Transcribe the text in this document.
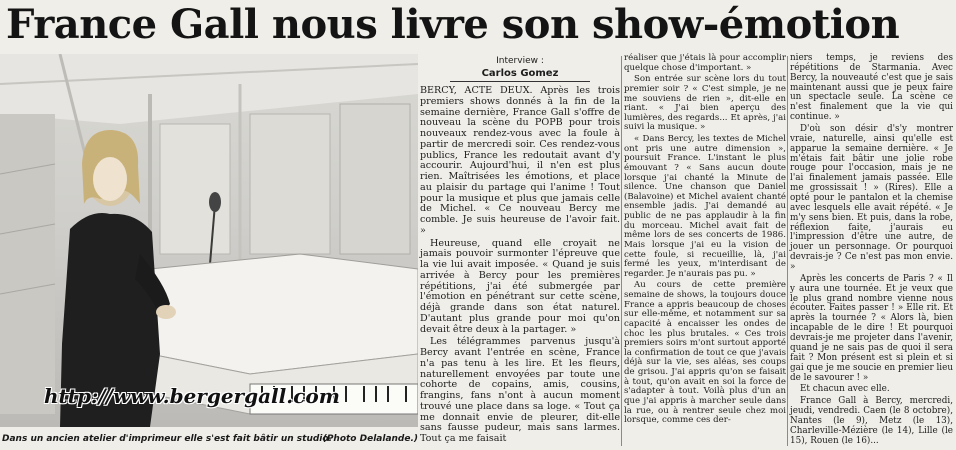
France Gall nous livre son show-émotion
http://www.bergergall.com
Dans un ancien atelier d'imprimeur elle s'est fait bâtir un studio.
(Photo Delalande.)
Interview :
Carlos Gomez

BERCY, ACTE DEUX. Après les trois premiers shows donnés à la fin de la semaine dernière, France Gall s'offre de nouveau la scène du POPB pour trois nouveaux rendez-vous avec la foule à partir de mercredi soir. Ces rendez-vous publics, France les redoutait avant d'y accourir. Aujourd'hui, il n'en est plus rien. Maîtrisées les émotions, et place au plaisir du partage qui l'anime ! Tout pour la musique et plus que jamais celle de Michel. « Ce nouveau Bercy me comble. Je suis heureuse de l'avoir fait. »

Heureuse, quand elle croyait ne jamais pouvoir surmonter l'épreuve que la vie lui avait imposée. « Quand je suis arrivée à Bercy pour les premières répétitions, j'ai été submergée par l'émotion en pénétrant sur cette scène, déjà grande dans son état naturel. D'autant plus grande pour moi qu'on devait être deux à la partager. »

Les télégrammes parvenus jusqu'à Bercy avant l'entrée en scène, France n'a pas tenu à les lire. Et les fleurs, naturellement envoyées par toute une cohorte de copains, amis, cousins, frangins, fans n'ont à aucun moment trouvé une place dans sa loge. « Tout ça me donnait envie de pleurer, dit-elle sans fausse pudeur, mais sans larmes. Tout ça me faisait

réaliser que j'étais là pour accomplir quelque chose d'important. »

Son entrée sur scène lors du tout premier soir ? « C'est simple, je ne me souviens de rien », dit-elle en riant. « J'ai bien aperçu des lumières, des regards... Et après, j'ai suivi la musique. »

« Dans Bercy, les textes de Michel ont pris une autre dimension », poursuit France. L'instant le plus émouvant ? « Sans aucun doute lorsque j'ai chanté la Minute de silence. Une chanson que Daniel (Balavoine) et Michel avaient chanté ensemble jadis. J'ai demandé au public de ne pas applaudir à la fin du morceau. Michel avait fait de même lors de ses concerts de 1986. Mais lorsque j'ai eu la vision de cette foule, si recueillie, là, j'ai fermé les yeux, m'interdisant de regarder. Je n'aurais pas pu. »

Au cours de cette première semaine de shows, la toujours douce France a appris beaucoup de choses sur elle-même, et notamment sur sa capacité à encaisser les ondes de choc les plus brutales. « Ces trois premiers soirs m'ont surtout apporté la confirmation de tout ce que j'avais déjà sur la vie, ses aléas, ses coups de grisou. J'ai appris qu'on se faisait à tout, qu'on avait en soi la force de s'adapter à tout. Voilà plus d'un an que j'ai appris à marcher seule dans la rue, ou à rentrer seule chez moi lorsque, comme ces der-

niers temps, je reviens des répétitions de Starmania. Avec Bercy, la nouveauté c'est que je sais maintenant aussi que je peux faire un spectacle seule. La scène ce n'est finalement que la vie qui continue. »

D'où son désir d's'y montrer vraie, naturelle, ainsi qu'elle est apparue la semaine dernière. « Je m'étais fait bâtir une jolie robe rouge pour l'occasion, mais je ne l'ai finalement jamais passée. Elle me grossissait ! » (Rires). Elle a opté pour le pantalon et la chemise avec lesquels elle avait répété. « Je m'y sens bien. Et puis, dans la robe, réflexion faite, j'aurais eu l'impression d'être une autre, de jouer un personnage. Or pourquoi devrais-je ? Ce n'est pas mon envie. »

Après les concerts de Paris ? « Il y aura une tournée. Et je veux que le plus grand nombre vienne nous écouter. Faites passer ! » Elle rit. Et après la tournée ? « Alors là, bien incapable de le dire ! Et pourquoi devrais-je me projeter dans l'avenir, quand je ne sais pas de quoi il sera fait ? Mon présent est si plein et si gai que je me soucie en premier lieu de le savourer ! »

Et chacun avec elle.

France Gall à Bercy, mercredi, jeudi, vendredi. Caen (le 8 octobre), Nantes (le 9), Metz (le 13), Charleville-Mézière (le 14), Lille (le 15), Rouen (le 16)...
